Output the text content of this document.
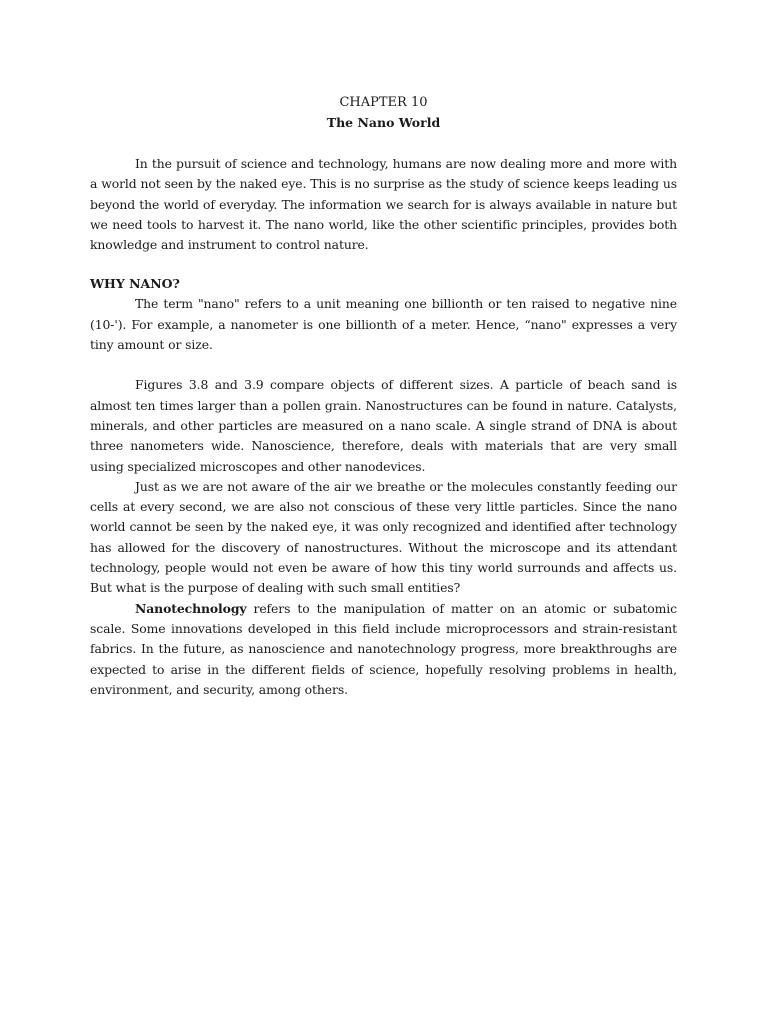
CHAPTER 10
The Nano World

In the pursuit of science and technology, humans are now dealing more and more with a world not seen by the naked eye. This is no surprise as the study of science keeps leading us beyond the world of everyday. The information we search for is always available in nature but we need tools to harvest it. The nano world, like the other scientific principles, provides both knowledge and instrument to control nature.

WHY NANO?

The term "nano" refers to a unit meaning one billionth or ten raised to negative nine (10-'). For example, a nanometer is one billionth of a meter. Hence, “nano" expresses a very tiny amount or size.

Figures 3.8 and 3.9 compare objects of different sizes. A particle of beach sand is almost ten times larger than a pollen grain. Nanostructures can be found in nature. Catalysts, minerals, and other particles are measured on a nano scale. A single strand of DNA is about three nanometers wide. Nanoscience, therefore, deals with materials that are very small using specialized microscopes and other nanodevices.

Just as we are not aware of the air we breathe or the molecules constantly feeding our cells at every second, we are also not conscious of these very little particles. Since the nano world cannot be seen by the naked eye, it was only recognized and identified after technology has allowed for the discovery of nanostructures. Without the microscope and its attendant technology, people would not even be aware of how this tiny world surrounds and affects us. But what is the purpose of dealing with such small entities?

Nanotechnology refers to the manipulation of matter on an atomic or subatomic scale. Some innovations developed in this field include microprocessors and strain-resistant fabrics. In the future, as nanoscience and nanotechnology progress, more breakthroughs are expected to arise in the different fields of science, hopefully resolving problems in health, environment, and security, among others.
